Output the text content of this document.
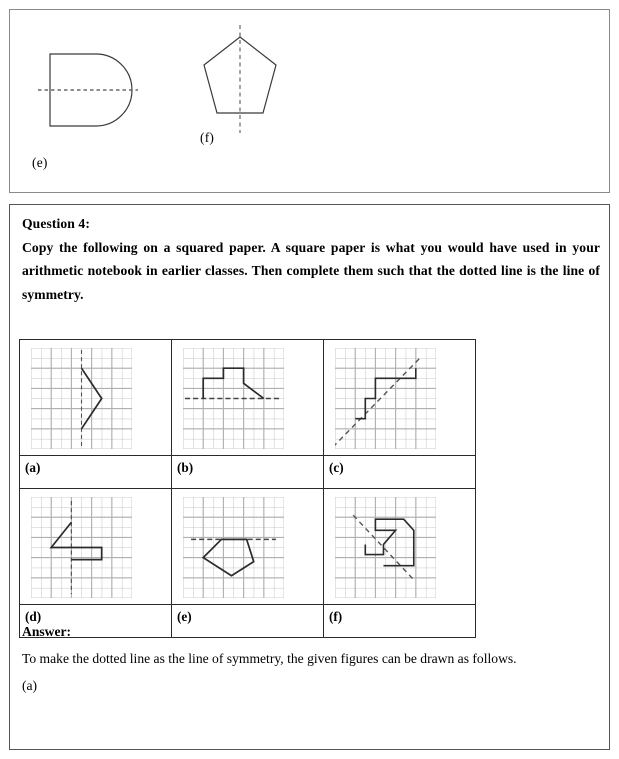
(e)
(f)

Question 4:

Copy the following on a squared paper. A square paper is what you would have used in your arithmetic notebook in earlier classes. Then complete them such that the dotted line is the line of symmetry.

(a)	(b)	(c)

(d)	(e)	(f)

Answer:

To make the dotted line as the line of symmetry, the given figures can be drawn as follows.

(a)
